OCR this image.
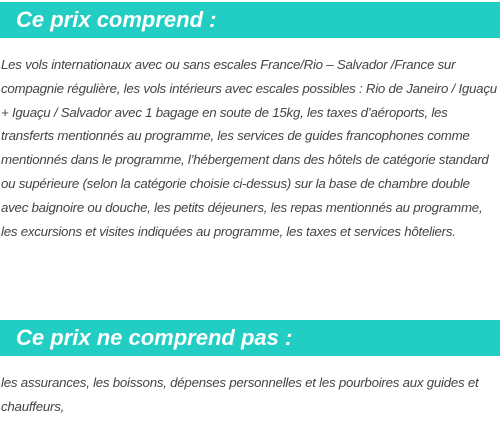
Ce prix comprend :

Les vols internationaux avec ou sans escales France/Rio – Salvador /France sur compagnie régulière, les vols intérieurs avec escales possibles : Rio de Janeiro / Iguaçu + Iguaçu / Salvador avec 1 bagage en soute de 15kg, les taxes d’aéroports, les transferts mentionnés au programme, les services de guides francophones comme mentionnés dans le programme, l’hébergement dans des hôtels de catégorie standard ou supérieure (selon la catégorie choisie ci-dessus) sur la base de chambre double avec baignoire ou douche, les petits déjeuners, les repas mentionnés au programme, les excursions et visites indiquées au programme, les taxes et services hôteliers.

Ce prix ne comprend pas :

les assurances, les boissons, dépenses personnelles et les pourboires aux guides et chauffeurs,
